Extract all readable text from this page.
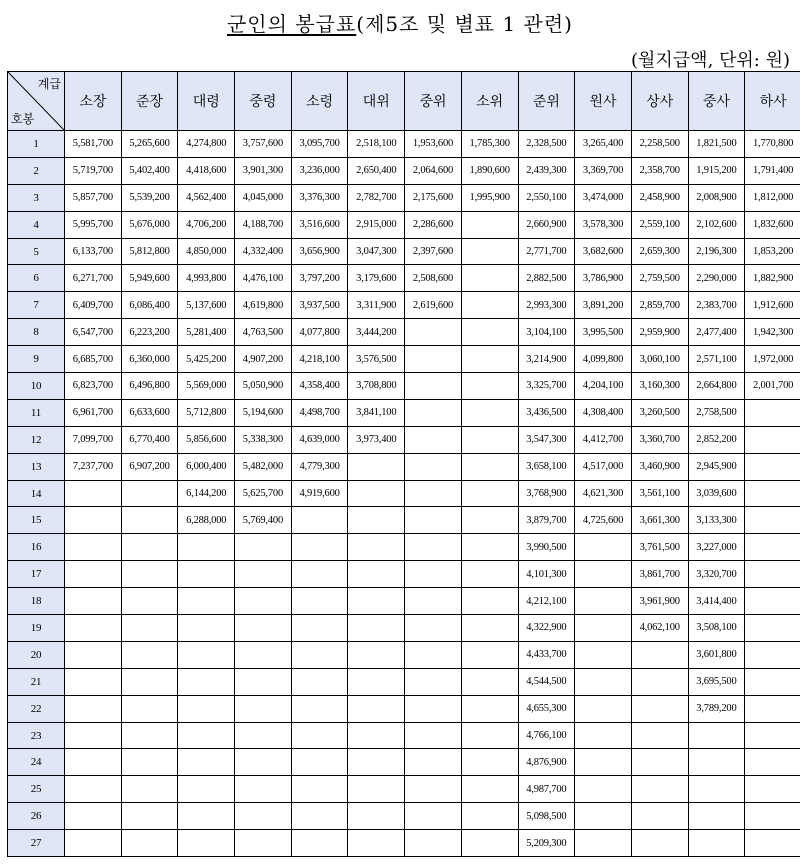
군인의 봉급표(제5조 및 별표 1 관련)
(월지급액, 단위: 원)
계급
호봉	소장	준장	대령	중령	소령	대위	중위	소위	준위	원사	상사	중사	하사
1	5,581,700	5,265,600	4,274,800	3,757,600	3,095,700	2,518,100	1,953,600	1,785,300	2,328,500	3,265,400	2,258,500	1,821,500	1,770,800
2	5,719,700	5,402,400	4,418,600	3,901,300	3,236,000	2,650,400	2,064,600	1,890,600	2,439,300	3,369,700	2,358,700	1,915,200	1,791,400
3	5,857,700	5,539,200	4,562,400	4,045,000	3,376,300	2,782,700	2,175,600	1,995,900	2,550,100	3,474,000	2,458,900	2,008,900	1,812,000
4	5,995,700	5,676,000	4,706,200	4,188,700	3,516,600	2,915,000	2,286,600		2,660,900	3,578,300	2,559,100	2,102,600	1,832,600
5	6,133,700	5,812,800	4,850,000	4,332,400	3,656,900	3,047,300	2,397,600		2,771,700	3,682,600	2,659,300	2,196,300	1,853,200
6	6,271,700	5,949,600	4,993,800	4,476,100	3,797,200	3,179,600	2,508,600		2,882,500	3,786,900	2,759,500	2,290,000	1,882,900
7	6,409,700	6,086,400	5,137,600	4,619,800	3,937,500	3,311,900	2,619,600		2,993,300	3,891,200	2,859,700	2,383,700	1,912,600
8	6,547,700	6,223,200	5,281,400	4,763,500	4,077,800	3,444,200			3,104,100	3,995,500	2,959,900	2,477,400	1,942,300
9	6,685,700	6,360,000	5,425,200	4,907,200	4,218,100	3,576,500			3,214,900	4,099,800	3,060,100	2,571,100	1,972,000
10	6,823,700	6,496,800	5,569,000	5,050,900	4,358,400	3,708,800			3,325,700	4,204,100	3,160,300	2,664,800	2,001,700
11	6,961,700	6,633,600	5,712,800	5,194,600	4,498,700	3,841,100			3,436,500	4,308,400	3,260,500	2,758,500	
12	7,099,700	6,770,400	5,856,600	5,338,300	4,639,000	3,973,400			3,547,300	4,412,700	3,360,700	2,852,200	
13	7,237,700	6,907,200	6,000,400	5,482,000	4,779,300				3,658,100	4,517,000	3,460,900	2,945,900	
14			6,144,200	5,625,700	4,919,600				3,768,900	4,621,300	3,561,100	3,039,600	
15			6,288,000	5,769,400					3,879,700	4,725,600	3,661,300	3,133,300	
16									3,990,500		3,761,500	3,227,000	
17									4,101,300		3,861,700	3,320,700	
18									4,212,100		3,961,900	3,414,400	
19									4,322,900		4,062,100	3,508,100	
20									4,433,700			3,601,800	
21									4,544,500			3,695,500	
22									4,655,300			3,789,200	
23									4,766,100				
24									4,876,900				
25									4,987,700				
26									5,098,500				
27									5,209,300				
